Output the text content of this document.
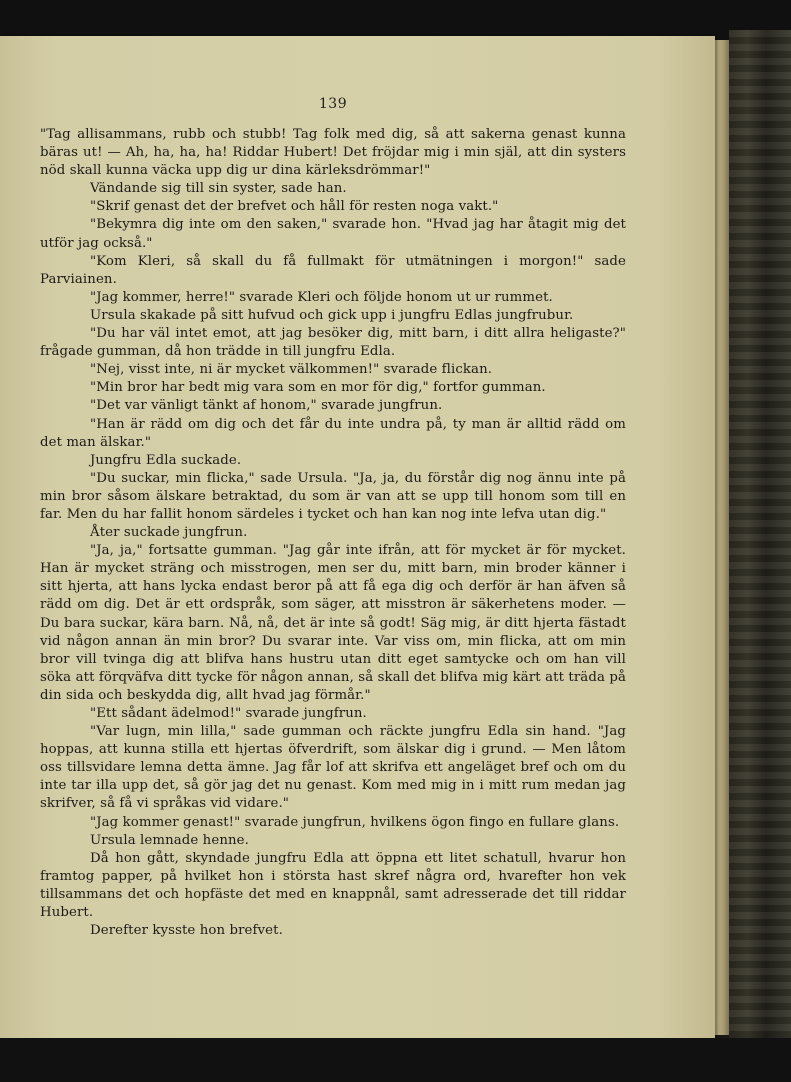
139

"Tag allisammans, rubb och stubb! Tag folk med dig, så att sakerna genast kunna bäras ut! — Ah, ha, ha, ha! Riddar Hubert! Det fröjdar mig i min själ, att din systers nöd skall kunna väcka upp dig ur dina kärleksdrömmar!"

Vändande sig till sin syster, sade han.

"Skrif genast det der brefvet och håll för resten noga vakt."

"Bekymra dig inte om den saken," svarade hon. "Hvad jag har åtagit mig det utför jag också."

"Kom Kleri, så skall du få fullmakt för utmätningen i morgon!" sade Parviainen.

"Jag kommer, herre!" svarade Kleri och följde honom ut ur rummet.

Ursula skakade på sitt hufvud och gick upp i jungfru Edlas jungfrubur.

"Du har väl intet emot, att jag besöker dig, mitt barn, i ditt allra heligaste?" frågade gumman, då hon trädde in till jungfru Edla.

"Nej, visst inte, ni är mycket välkommen!" svarade flickan.

"Min bror har bedt mig vara som en mor för dig," fortfor gumman.

"Det var vänligt tänkt af honom," svarade jungfrun.

"Han är rädd om dig och det får du inte undra på, ty man är alltid rädd om det man älskar."

Jungfru Edla suckade.

"Du suckar, min flicka," sade Ursula. "Ja, ja, du förstår dig nog ännu inte på min bror såsom älskare betraktad, du som är van att se upp till honom som till en far. Men du har fallit honom särdeles i tycket och han kan nog inte lefva utan dig."

Åter suckade jungfrun.

"Ja, ja," fortsatte gumman. "Jag går inte ifrån, att för mycket är för mycket. Han är mycket sträng och misstrogen, men ser du, mitt barn, min broder känner i sitt hjerta, att hans lycka endast beror på att få ega dig och derför är han äfven så rädd om dig. Det är ett ordspråk, som säger, att misstron är säkerhetens moder. — Du bara suckar, kära barn. Nå, nå, det är inte så godt! Säg mig, är ditt hjerta fästadt vid någon annan än min bror? Du svarar inte. Var viss om, min flicka, att om min bror vill tvinga dig att blifva hans hustru utan ditt eget samtycke och om han vill söka att förqväfva ditt tycke för någon annan, så skall det blifva mig kärt att träda på din sida och beskydda dig, allt hvad jag förmår."

"Ett sådant ädelmod!" svarade jungfrun.

"Var lugn, min lilla," sade gumman och räckte jungfru Edla sin hand. "Jag hoppas, att kunna stilla ett hjertas öfverdrift, som älskar dig i grund. — Men låtom oss tillsvidare lemna detta ämne. Jag får lof att skrifva ett angeläget bref och om du inte tar illa upp det, så gör jag det nu genast. Kom med mig in i mitt rum medan jag skrifver, så få vi språkas vid vidare."

"Jag kommer genast!" svarade jungfrun, hvilkens ögon fingo en fullare glans.

Ursula lemnade henne.

Då hon gått, skyndade jungfru Edla att öppna ett litet schatull, hvarur hon framtog papper, på hvilket hon i största hast skref några ord, hvarefter hon vek tillsammans det och hopfäste det med en knappnål, samt adresserade det till riddar Hubert.

Derefter kysste hon brefvet.
